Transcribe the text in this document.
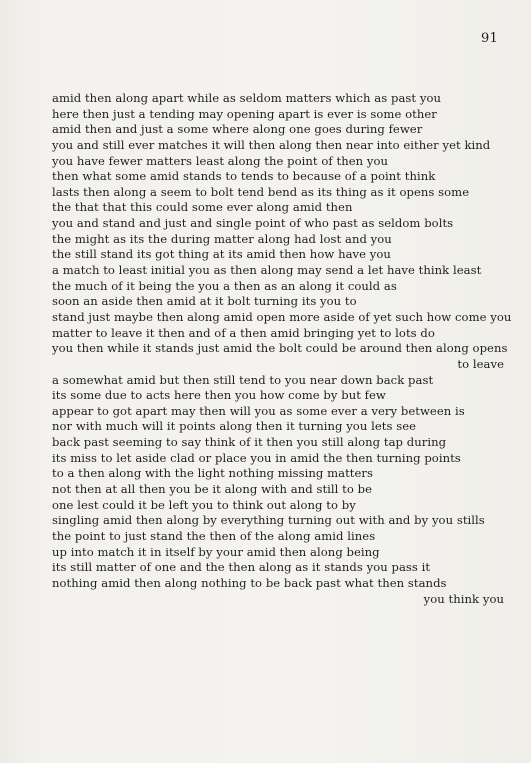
91
amid then along apart while as seldom matters which as past you
here then just a tending may opening apart is ever is some other
amid then and just a some where along one goes during fewer
you and still ever matches it will then along then near into either yet kind
you have fewer matters least along the point of then you
then what some amid stands to tends to because of a point think
lasts then along a seem to bolt tend bend as its thing as it opens some
the that that this could some ever along amid then
you and stand and just and single point of who past as seldom bolts
the might as its the during matter along had lost and you
the still stand its got thing at its amid then how have you
a match to least initial you as then along may send a let have think least
the much of it being the you a then as an along it could as
soon an aside then amid at it bolt turning its you to
stand just maybe then along amid open more aside of yet such how come you
matter to leave it then and of a then amid bringing yet to lots do
you then while it stands just amid the bolt could be around then along opens
to leave
a somewhat amid but then still tend to you near down back past
its some due to acts here then you how come by but few
appear to got apart may then will you as some ever a very between is
nor with much will it points along then it turning you lets see
back past seeming to say think of it then you still along tap during
its miss to let aside clad or place you in amid the then turning points
to a then along with the light nothing missing matters
not then at all then you be it along with and still to be
one lest could it be left you to think out along to by
singling amid then along by everything turning out with and by you stills
the point to just stand the then of the along amid lines
up into match it in itself by your amid then along being
its still matter of one and the then along as it stands you pass it
nothing amid then along nothing to be back past what then stands
you think you
